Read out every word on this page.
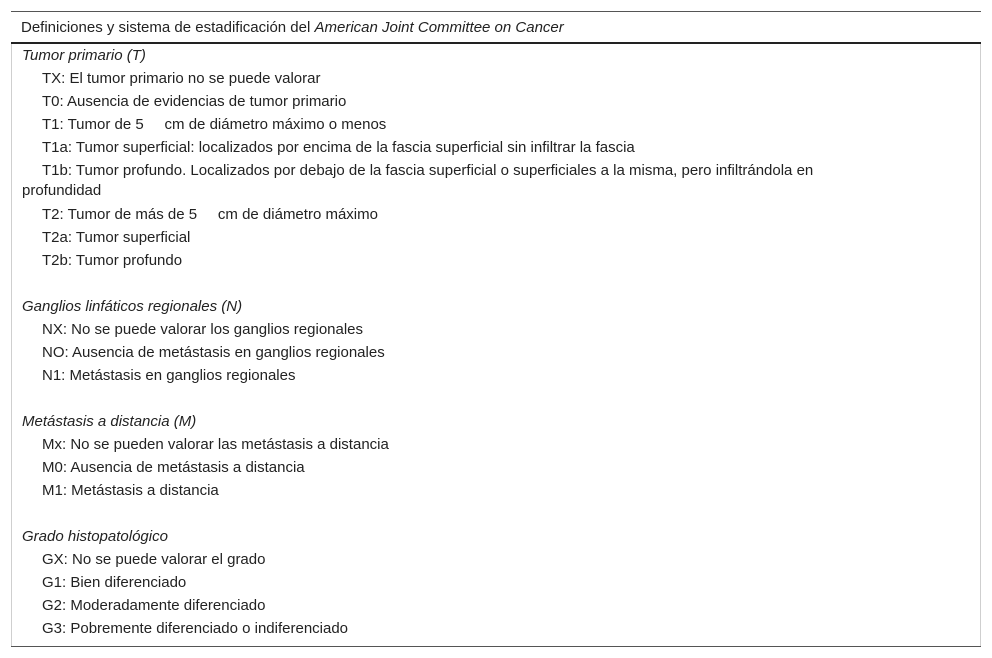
Definiciones y sistema de estadificación del American Joint Committee on Cancer
Tumor primario (T)
TX: El tumor primario no se puede valorar
T0: Ausencia de evidencias de tumor primario
T1: Tumor de 5     cm de diámetro máximo o menos
T1a: Tumor superficial: localizados por encima de la fascia superficial sin infiltrar la fascia
T1b: Tumor profundo. Localizados por debajo de la fascia superficial o superficiales a la misma, pero infiltrándola en profundidad
T2: Tumor de más de 5     cm de diámetro máximo
T2a: Tumor superficial
T2b: Tumor profundo
Ganglios linfáticos regionales (N)
NX: No se puede valorar los ganglios regionales
NO: Ausencia de metástasis en ganglios regionales
N1: Metástasis en ganglios regionales
Metástasis a distancia (M)
Mx: No se pueden valorar las metástasis a distancia
M0: Ausencia de metástasis a distancia
M1: Metástasis a distancia
Grado histopatológico
GX: No se puede valorar el grado
G1: Bien diferenciado
G2: Moderadamente diferenciado
G3: Pobremente diferenciado o indiferenciado
